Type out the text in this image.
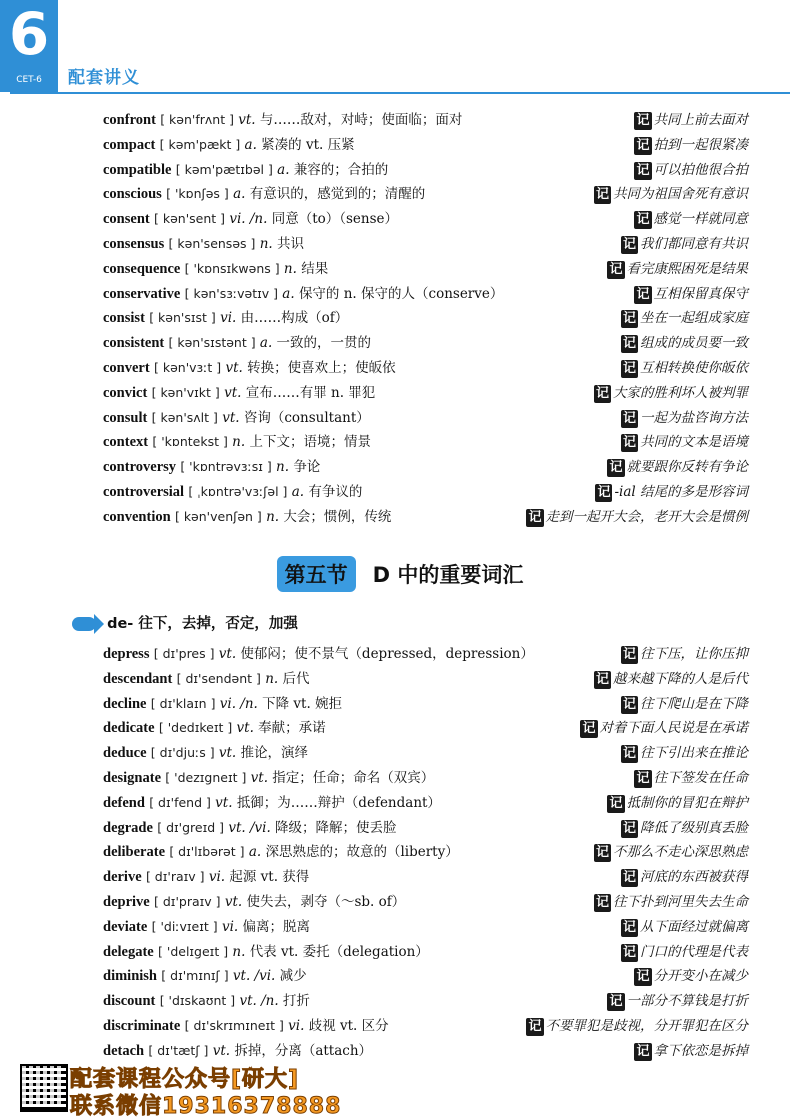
6
CET-6	配套讲义
confront [ kən'frʌnt ] vt. 与……敌对，对峙；使面临；面对	记 共同上前去面对
compact [ kəm'pækt ] a. 紧凑的 vt. 压紧	记 拍到一起很紧凑
compatible [ kəm'pætɪbəl ] a. 兼容的；合拍的	记 可以拍他很合拍
conscious [ 'kɒnʃəs ] a. 有意识的，感觉到的；清醒的	记 共同为祖国舍死有意识
consent [ kən'sent ] vi. /n. 同意（to）（sense）	记 感觉一样就同意
consensus [ kən'sensəs ] n. 共识	记 我们都同意有共识
consequence [ 'kɒnsɪkwəns ] n. 结果	记 看完康熙困死是结果
conservative [ kən'sɜːvətɪv ] a. 保守的 n. 保守的人（conserve）	记 互相保留真保守
consist [ kən'sɪst ] vi. 由……构成（of）	记 坐在一起组成家庭
consistent [ kən'sɪstənt ] a. 一致的，一贯的	记 组成的成员要一致
convert [ kən'vɜːt ] vt. 转换；使喜欢上；使皈依	记 互相转换使你皈依
convict [ kən'vɪkt ] vt. 宣布……有罪 n. 罪犯	记 大家的胜利坏人被判罪
consult [ kən'sʌlt ] vt. 咨询（consultant）	记 一起为盐咨询方法
context [ 'kɒntekst ] n. 上下文；语境；情景	记 共同的文本是语境
controversy [ 'kɒntrəvɜːsɪ ] n. 争论	记 就要跟你反转有争论
controversial [ ˌkɒntrə'vɜːʃəl ] a. 有争议的	记 -ial 结尾的多是形容词
convention [ kən'venʃən ] n. 大会；惯例，传统	记 走到一起开大会，老开大会是惯例
第五节 D 中的重要词汇
de- 往下，去掉，否定，加强
depress [ dɪ'pres ] vt. 使郁闷；使不景气（depressed，depression）	记 往下压，让你压抑
descendant [ dɪ'sendənt ] n. 后代	记 越来越下降的人是后代
decline [ dɪ'klaɪn ] vi. /n. 下降 vt. 婉拒	记 往下爬山是在下降
dedicate [ 'dedɪkeɪt ] vt. 奉献；承诺	记 对着下面人民说是在承诺
deduce [ dɪ'djuːs ] vt. 推论，演绎	记 往下引出来在推论
designate [ 'dezɪgneɪt ] vt. 指定；任命；命名（双宾）	记 往下签发在任命
defend [ dɪ'fend ] vt. 抵御；为……辩护（defendant）	记 抵制你的冒犯在辩护
degrade [ dɪ'greɪd ] vt. /vi. 降级；降解；使丢脸	记 降低了级别真丢脸
deliberate [ dɪ'lɪbərət ] a. 深思熟虑的；故意的（liberty）	记 不那么不走心深思熟虑
derive [ dɪ'raɪv ] vi. 起源 vt. 获得	记 河底的东西被获得
deprive [ dɪ'praɪv ] vt. 使失去，剥夺（～sb. of）	记 往下扑到河里失去生命
deviate [ 'diːvɪeɪt ] vi. 偏离；脱离	记 从下面经过就偏离
delegate [ 'delɪgeɪt ] n. 代表 vt. 委托（delegation）	记 门口的代理是代表
diminish [ dɪ'mɪnɪʃ ] vt. /vi. 减少	记 分开变小在减少
discount [ 'dɪskaʊnt ] vt. /n. 打折	记 一部分不算钱是打折
discriminate [ dɪ'skrɪmɪneɪt ] vi. 歧视 vt. 区分	记 不要罪犯是歧视，分开罪犯在区分
detach [ dɪ'tætʃ ] vt. 拆掉，分离（attach）	记 拿下依恋是拆掉
配套课程公众号[研大]
联系微信19316378888
